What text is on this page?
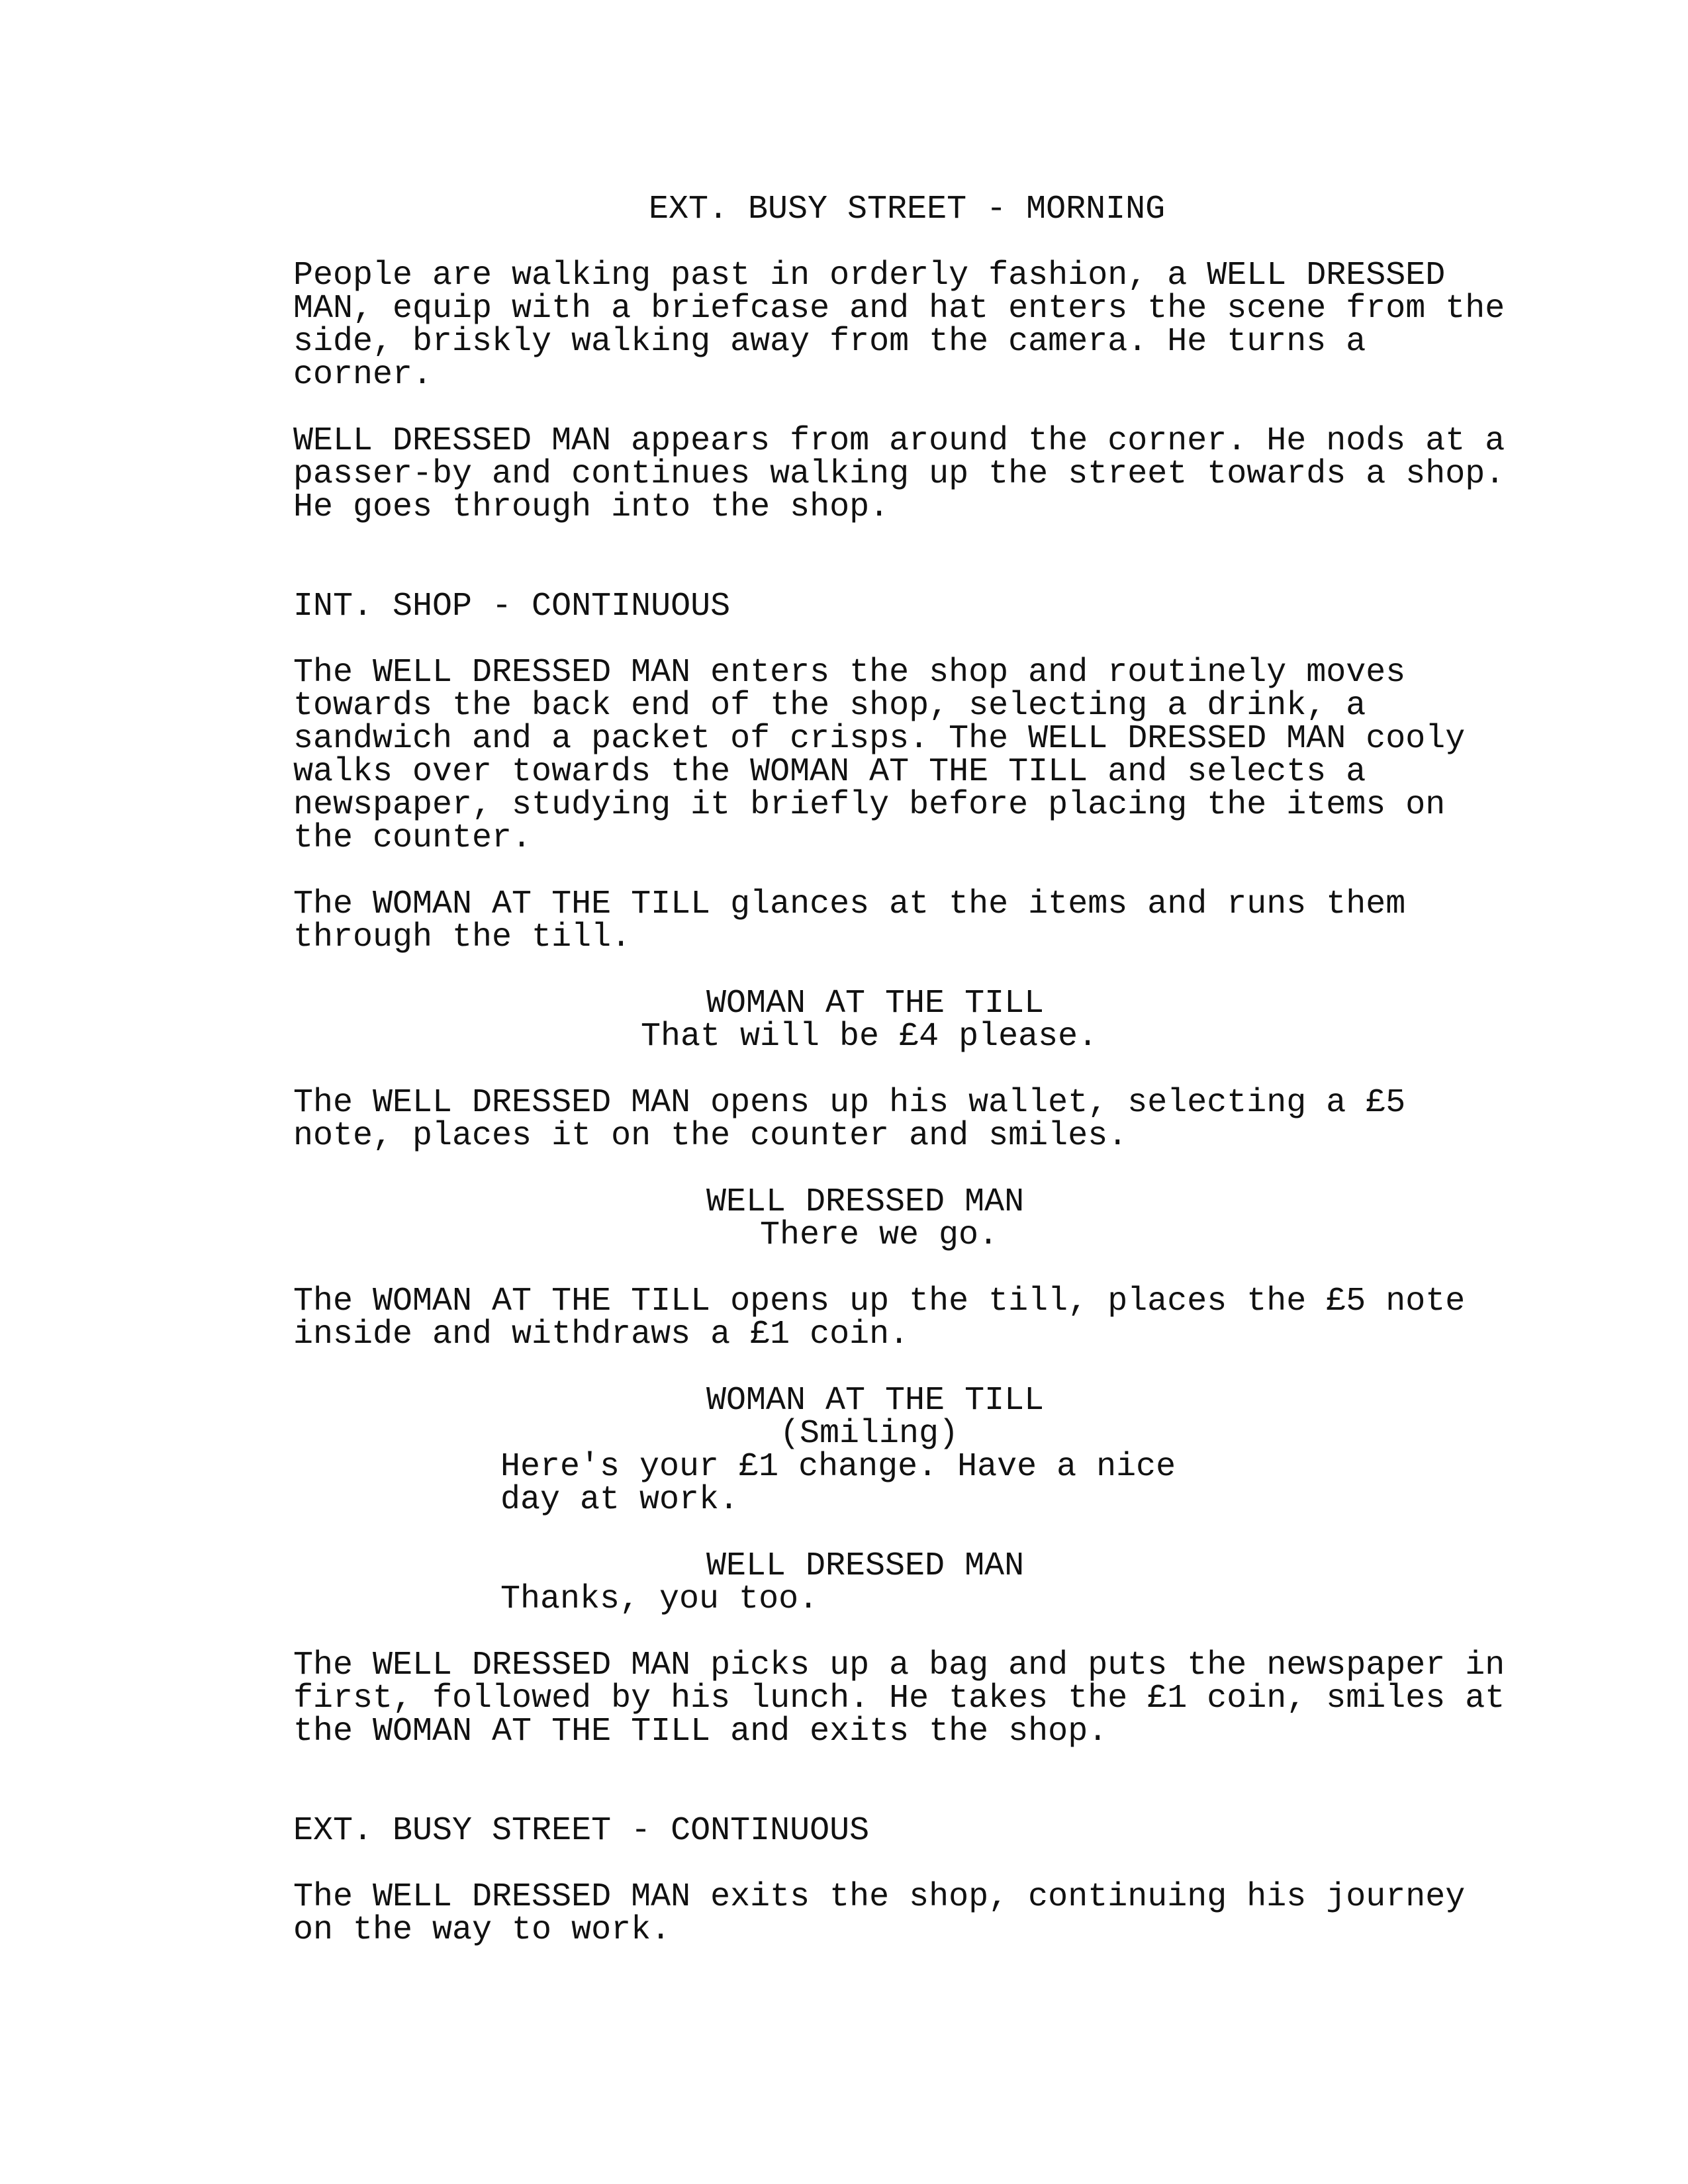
EXT. BUSY STREET - MORNING

People are walking past in orderly fashion, a WELL DRESSED
MAN, equip with a briefcase and hat enters the scene from the
side, briskly walking away from the camera. He turns a
corner.

WELL DRESSED MAN appears from around the corner. He nods at a
passer-by and continues walking up the street towards a shop.
He goes through into the shop.

INT. SHOP - CONTINUOUS

The WELL DRESSED MAN enters the shop and routinely moves
towards the back end of the shop, selecting a drink, a
sandwich and a packet of crisps. The WELL DRESSED MAN cooly
walks over towards the WOMAN AT THE TILL and selects a
newspaper, studying it briefly before placing the items on
the counter.

The WOMAN AT THE TILL glances at the items and runs them
through the till.

WOMAN AT THE TILL

That will be £4 please.

The WELL DRESSED MAN opens up his wallet, selecting a £5
note, places it on the counter and smiles.

WELL DRESSED MAN

There we go.

The WOMAN AT THE TILL opens up the till, places the £5 note
inside and withdraws a £1 coin.

WOMAN AT THE TILL

(Smiling)

Here's your £1 change. Have a nice
day at work.

WELL DRESSED MAN

Thanks, you too.

The WELL DRESSED MAN picks up a bag and puts the newspaper in
first, followed by his lunch. He takes the £1 coin, smiles at
the WOMAN AT THE TILL and exits the shop.

EXT. BUSY STREET - CONTINUOUS

The WELL DRESSED MAN exits the shop, continuing his journey
on the way to work.
